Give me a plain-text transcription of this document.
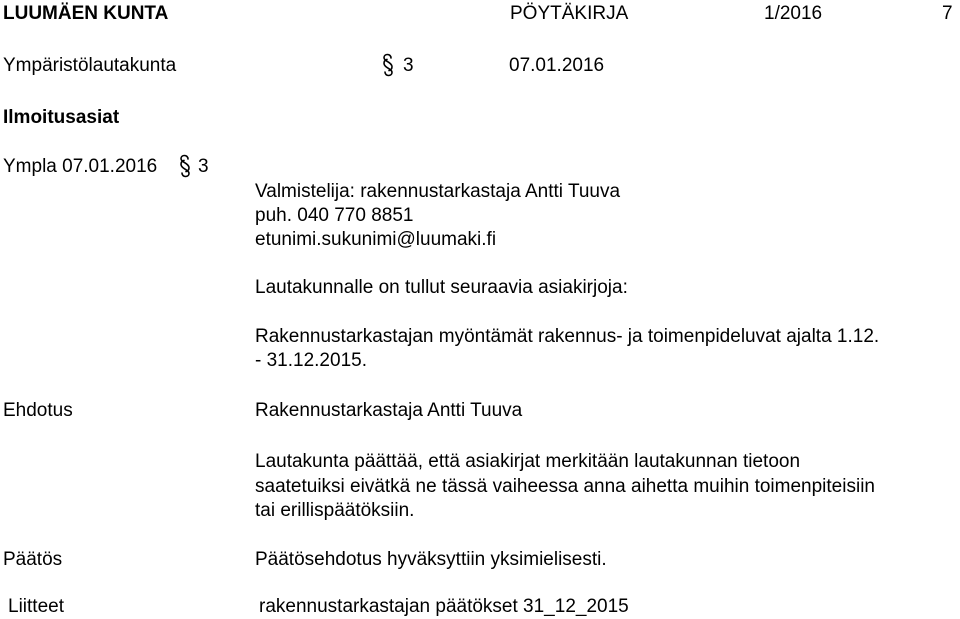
LUUMÄEN KUNTA	PÖYTÄKIRJA	1/2016	7
Ympäristölautakunta	3	07.01.2016
Ilmoitusasiat
Ympla 07.01.2016 3
Valmistelija: rakennustarkastaja Antti Tuuva
puh. 040 770 8851
etunimi.sukunimi@luumaki.fi
Lautakunnalle on tullut seuraavia asiakirjoja:
Rakennustarkastajan myöntämät rakennus- ja toimenpideluvat ajalta 1.12.
- 31.12.2015.
Ehdotus	Rakennustarkastaja Antti Tuuva
Lautakunta päättää, että asiakirjat merkitään lautakunnan tietoon
saatetuiksi eivätkä ne tässä vaiheessa anna aihetta muihin toimenpiteisiin
tai erillispäätöksiin.
Päätös	Päätösehdotus hyväksyttiin yksimielisesti.
Liitteet	rakennustarkastajan päätökset 31_12_2015
